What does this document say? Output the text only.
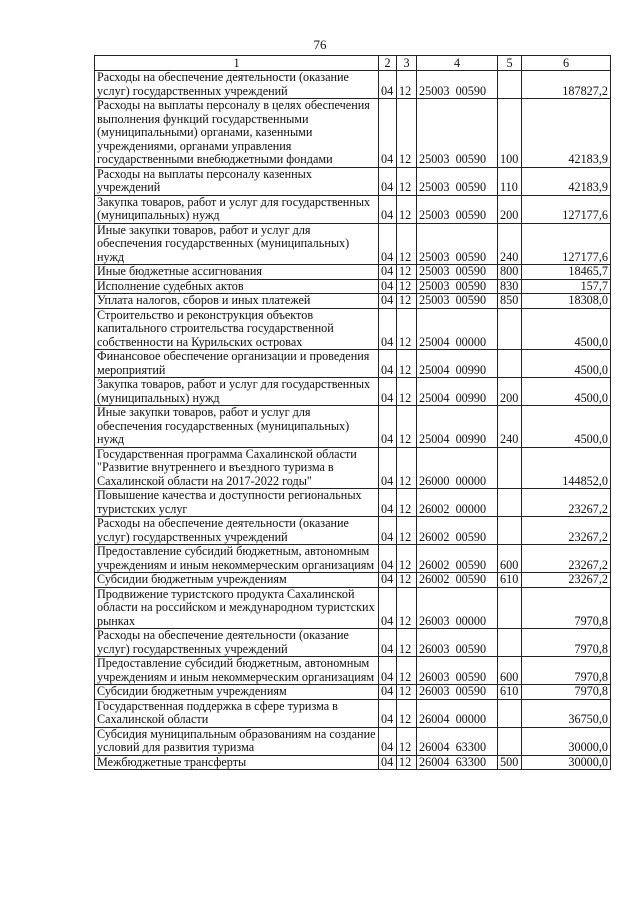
76
1	2	3	4	5	6
Расходы на обеспечение деятельности (оказание услуг) государственных учреждений	04	12	25003  00590		187827,2
Расходы на выплаты персоналу в целях обеспечения выполнения функций государственными (муниципальными) органами, казенными учреждениями, органами управления государственными внебюджетными фондами	04	12	25003  00590	100	42183,9
Расходы на выплаты персоналу казенных учреждений	04	12	25003  00590	110	42183,9
Закупка товаров, работ и услуг для государственных (муниципальных) нужд	04	12	25003  00590	200	127177,6
Иные закупки товаров, работ и услуг для обеспечения государственных (муниципальных) нужд	04	12	25003  00590	240	127177,6
Иные бюджетные ассигнования	04	12	25003  00590	800	18465,7
Исполнение судебных актов	04	12	25003  00590	830	157,7
Уплата налогов, сборов и иных платежей	04	12	25003  00590	850	18308,0
Строительство и реконструкция объектов капитального строительства государственной собственности на Курильских островах	04	12	25004  00000		4500,0
Финансовое обеспечение организации и проведения мероприятий	04	12	25004  00990		4500,0
Закупка товаров, работ и услуг для государственных (муниципальных) нужд	04	12	25004  00990	200	4500,0
Иные закупки товаров, работ и услуг для обеспечения государственных (муниципальных) нужд	04	12	25004  00990	240	4500,0
Государственная программа Сахалинской области "Развитие внутреннего и въездного туризма в Сахалинской области на 2017-2022 годы"	04	12	26000  00000		144852,0
Повышение качества и доступности региональных туристских услуг	04	12	26002  00000		23267,2
Расходы на обеспечение деятельности (оказание услуг) государственных учреждений	04	12	26002  00590		23267,2
Предоставление субсидий бюджетным, автономным учреждениям и иным некоммерческим организациям	04	12	26002  00590	600	23267,2
Субсидии бюджетным учреждениям	04	12	26002  00590	610	23267,2
Продвижение туристского продукта Сахалинской области на российском и международном туристских рынках	04	12	26003  00000		7970,8
Расходы на обеспечение деятельности (оказание услуг) государственных учреждений	04	12	26003  00590		7970,8
Предоставление субсидий бюджетным, автономным учреждениям и иным некоммерческим организациям	04	12	26003  00590	600	7970,8
Субсидии бюджетным учреждениям	04	12	26003  00590	610	7970,8
Государственная поддержка в сфере туризма в Сахалинской области	04	12	26004  00000		36750,0
Субсидия муниципальным образованиям на создание условий для развития туризма	04	12	26004  63300		30000,0
Межбюджетные трансферты	04	12	26004  63300	500	30000,0
